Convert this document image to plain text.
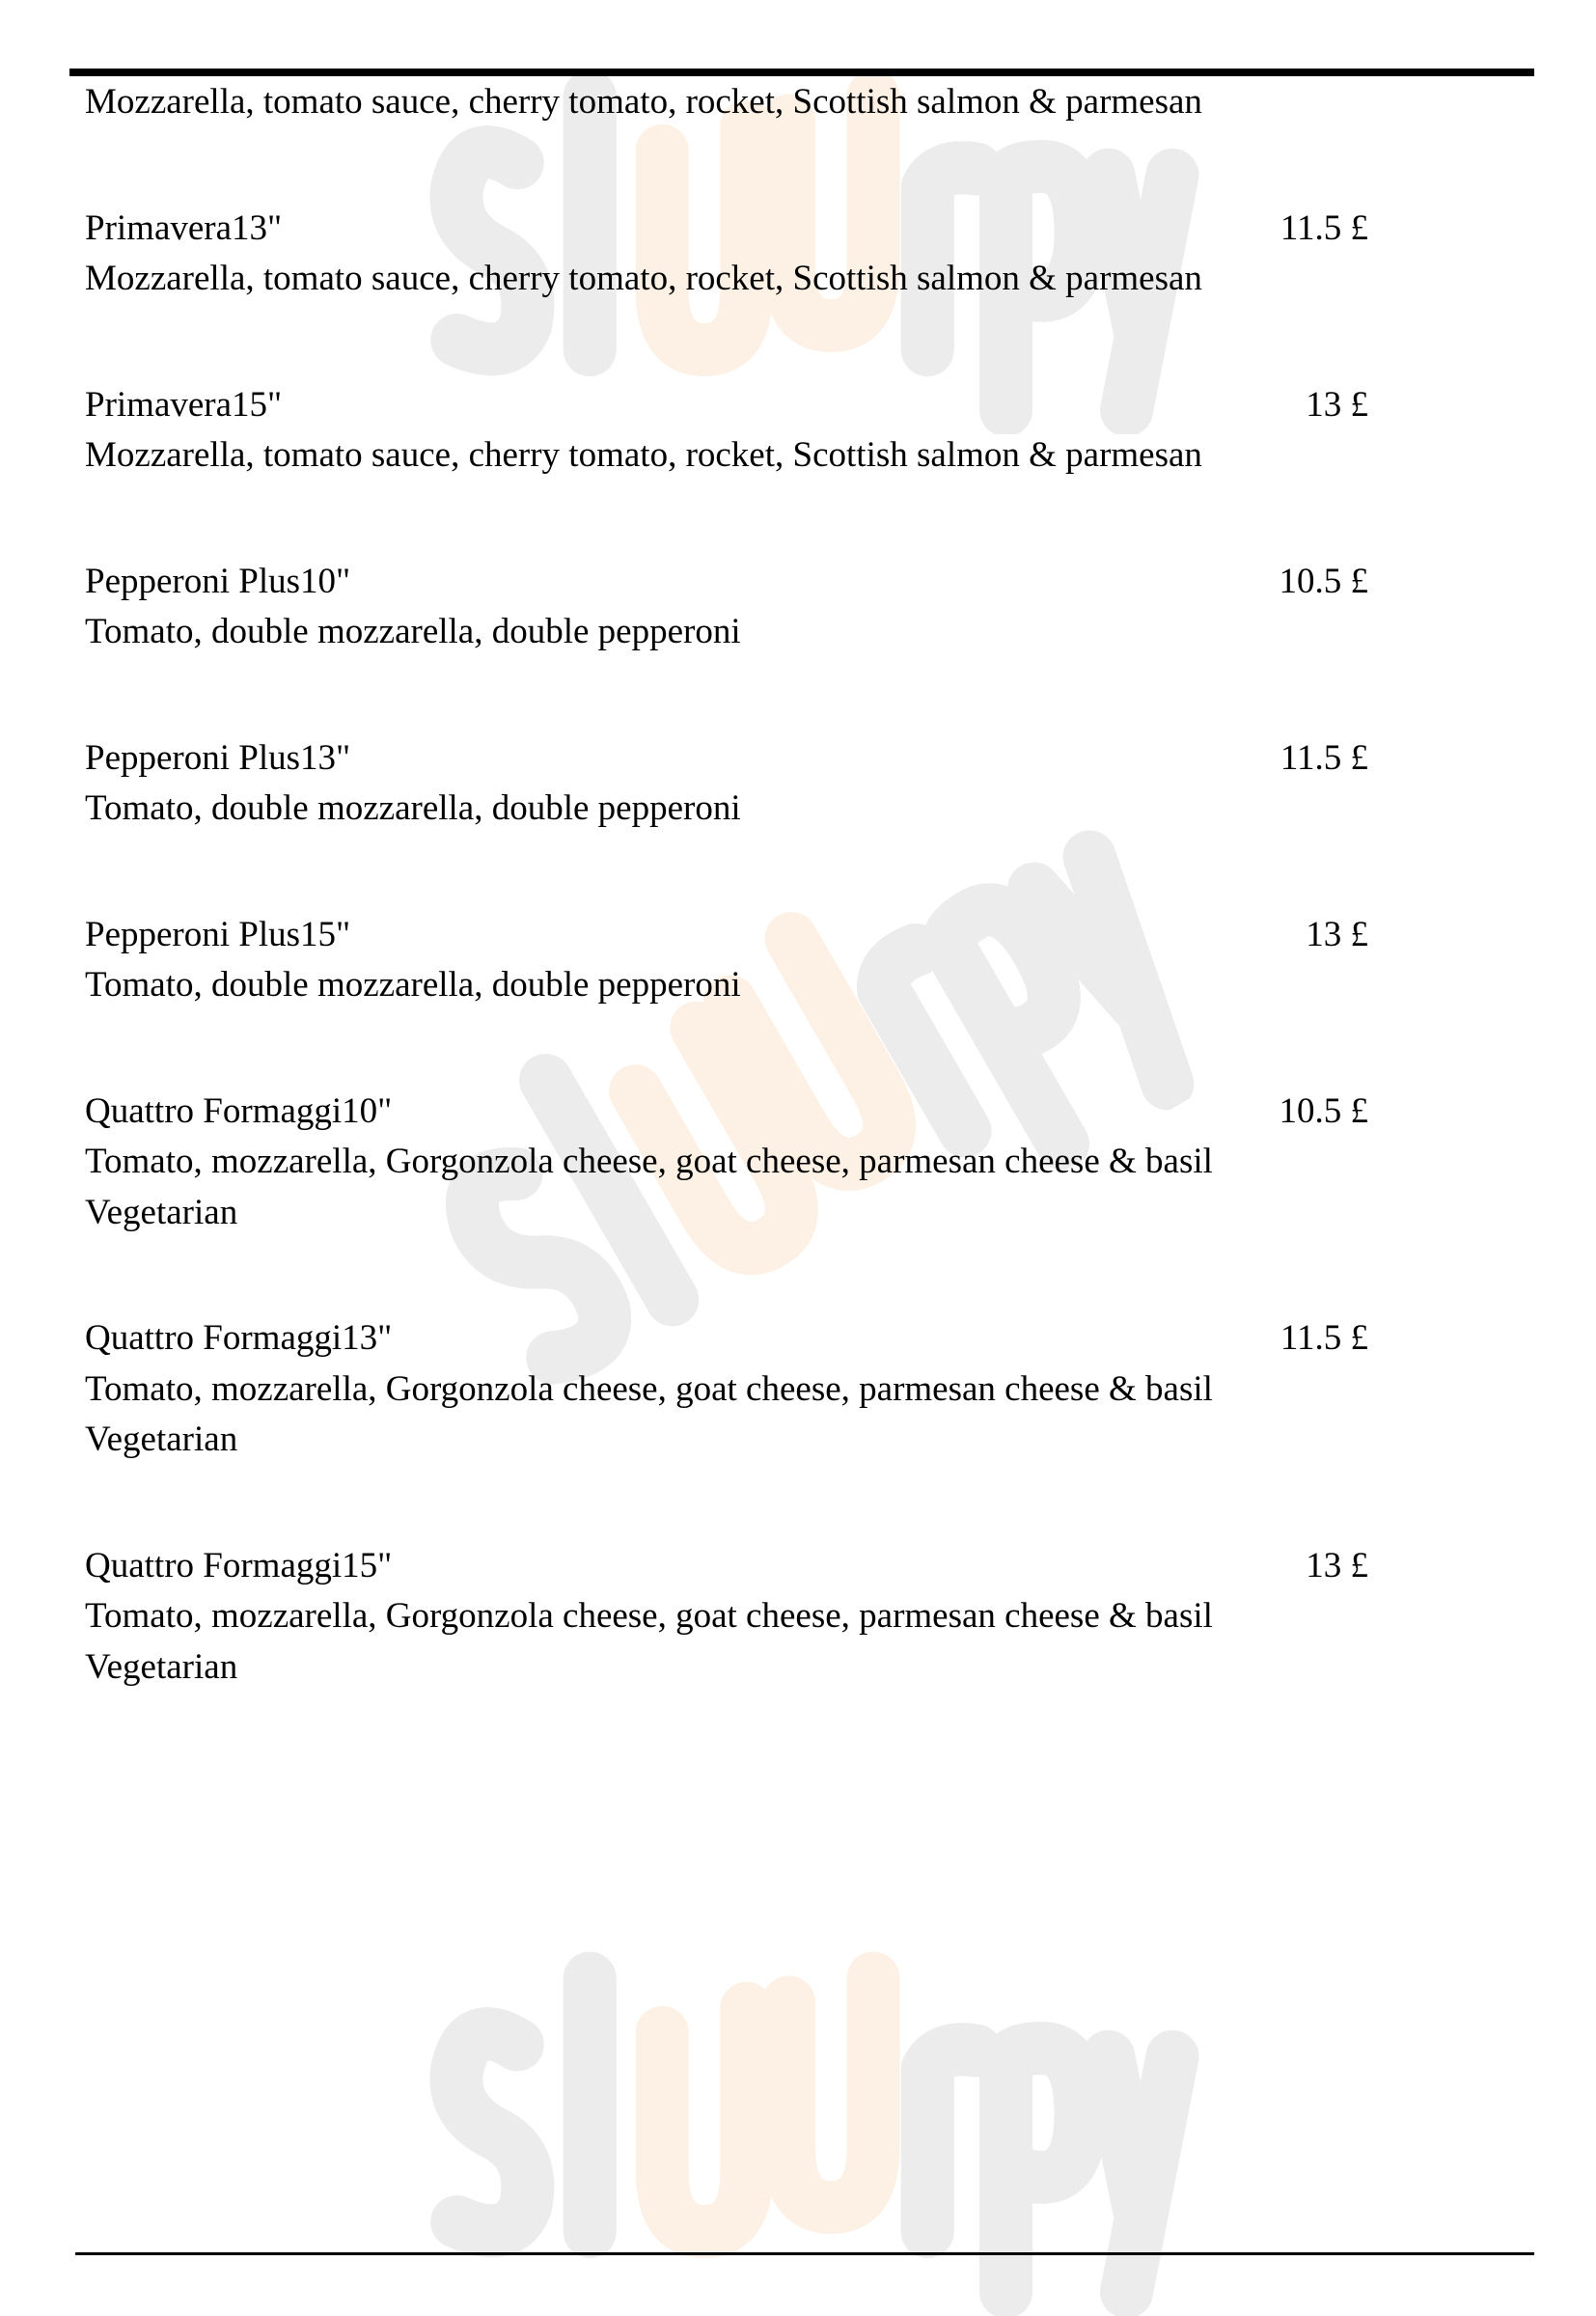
Mozzarella, tomato sauce, cherry tomato, rocket, Scottish salmon & parmesan
Primavera13"	11.5 £
Mozzarella, tomato sauce, cherry tomato, rocket, Scottish salmon & parmesan
Primavera15"	13 £
Mozzarella, tomato sauce, cherry tomato, rocket, Scottish salmon & parmesan
Pepperoni Plus10"	10.5 £
Tomato, double mozzarella, double pepperoni
Pepperoni Plus13"	11.5 £
Tomato, double mozzarella, double pepperoni
Pepperoni Plus15"	13 £
Tomato, double mozzarella, double pepperoni
Quattro Formaggi10"	10.5 £
Tomato, mozzarella, Gorgonzola cheese, goat cheese, parmesan cheese & basil
Vegetarian
Quattro Formaggi13"	11.5 £
Tomato, mozzarella, Gorgonzola cheese, goat cheese, parmesan cheese & basil
Vegetarian
Quattro Formaggi15"	13 £
Tomato, mozzarella, Gorgonzola cheese, goat cheese, parmesan cheese & basil
Vegetarian
